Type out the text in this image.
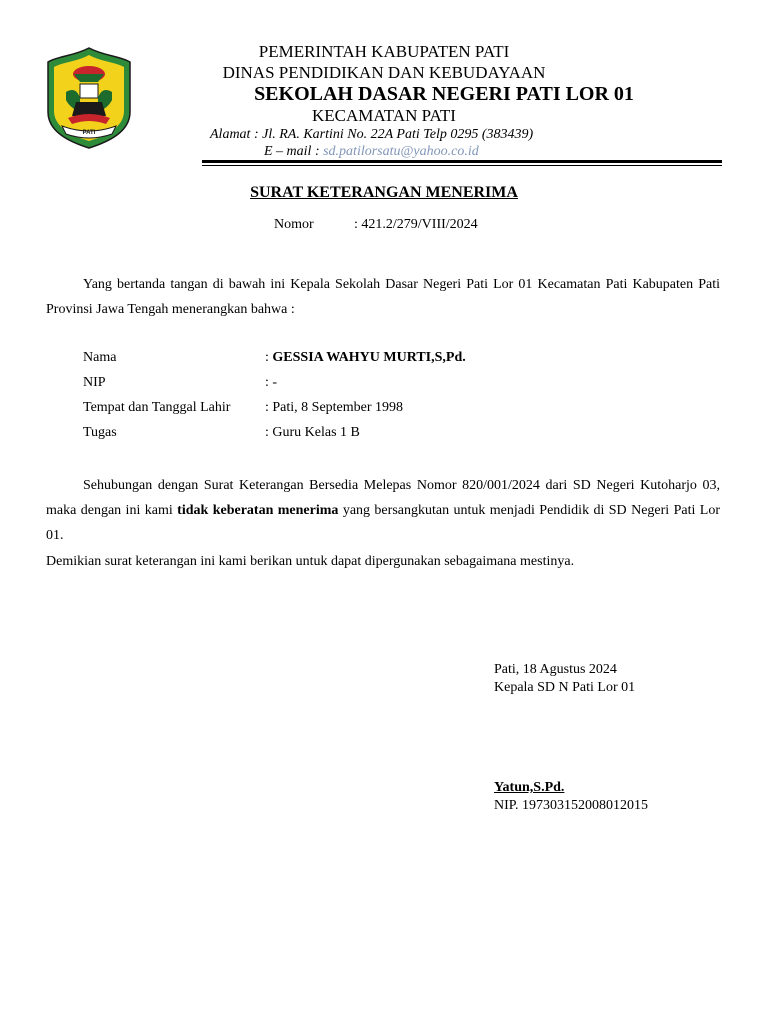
PATI
PEMERINTAH KABUPATEN PATI
DINAS PENDIDIKAN DAN KEBUDAYAAN
SEKOLAH DASAR NEGERI PATI LOR 01
KECAMATAN PATI
Alamat : Jl. RA. Kartini No. 22A Pati Telp 0295 (383439)
E – mail : sd.patilorsatu@yahoo.co.id
SURAT KETERANGAN MENERIMA
Nomor	: 421.2/279/VIII/2024
Yang bertanda tangan di bawah ini Kepala Sekolah Dasar Negeri Pati Lor 01 Kecamatan Pati Kabupaten Pati Provinsi Jawa Tengah menerangkan bahwa :
Nama	: GESSIA WAHYU MURTI,S,Pd.
NIP	: -
Tempat dan Tanggal Lahir : Pati, 8 September 1998
Tugas	: Guru Kelas 1 B
Sehubungan dengan Surat Keterangan Bersedia Melepas Nomor 820/001/2024 dari SD Negeri Kutoharjo 03, maka dengan ini kami tidak keberatan menerima yang bersangkutan untuk menjadi Pendidik di SD Negeri Pati Lor 01.
Demikian surat keterangan ini kami berikan untuk dapat dipergunakan sebagaimana mestinya.
Pati, 18 Agustus 2024
Kepala SD N Pati Lor 01
Yatun,S.Pd.
NIP. 197303152008012015
